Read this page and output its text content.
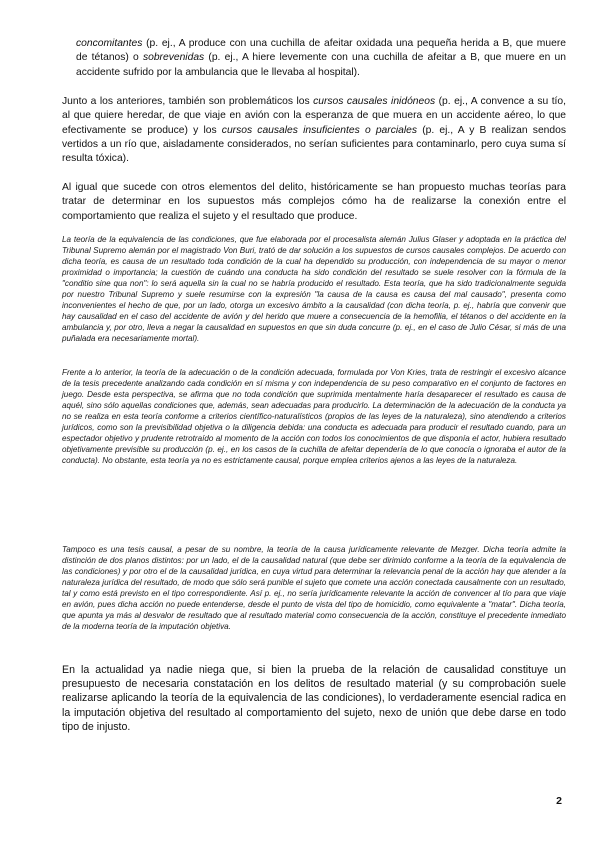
concomitantes (p. ej., A produce con una cuchilla de afeitar oxidada una pequeña herida a B, que muere de tétanos) o sobrevenidas (p. ej., A hiere levemente con una cuchilla de afeitar a B, que muere en un accidente sufrido por la ambulancia que le llevaba al hospital).

Junto a los anteriores, también son problemáticos los cursos causales inidóneos (p. ej., A convence a su tío, al que quiere heredar, de que viaje en avión con la esperanza de que muera en un accidente aéreo, lo que efectivamente se produce) y los cursos causales insuficientes o parciales (p. ej., A y B realizan sendos vertidos a un río que, aisladamente considerados, no serían suficientes para contaminarlo, pero cuya suma sí resulta tóxica).

Al igual que sucede con otros elementos del delito, históricamente se han propuesto muchas teorías para tratar de determinar en los supuestos más complejos cómo ha de realizarse la conexión entre el comportamiento que realiza el sujeto y el resultado que produce.

La teoría de la equivalencia de las condiciones, que fue elaborada por el procesalista alemán Julius Glaser y adoptada en la práctica del Tribunal Supremo alemán por el magistrado Von Buri, trató de dar solución a los supuestos de cursos causales complejos. De acuerdo con dicha teoría, es causa de un resultado toda condición de la cual ha dependido su producción, con independencia de su mayor o menor proximidad o importancia; la cuestión de cuándo una conducta ha sido condición del resultado se suele resolver con la fórmula de la "conditio sine qua non": lo será aquella sin la cual no se habría producido el resultado. Esta teoría, que ha sido tradicionalmente seguida por nuestro Tribunal Supremo y suele resumirse con la expresión "la causa de la causa es causa del mal causado", presenta como inconvenientes el hecho de que, por un lado, otorga un excesivo ámbito a la causalidad (con dicha teoría, p. ej., habría que convenir que hay causalidad en el caso del accidente de avión y del herido que muere a consecuencia de la hemofilia, el tétanos o del accidente en la ambulancia y, por otro, lleva a negar la causalidad en supuestos en que sin duda concurre (p. ej., en el caso de Julio César, si más de una puñalada era necesariamente mortal).

Frente a lo anterior, la teoría de la adecuación o de la condición adecuada, formulada por Von Kries, trata de restringir el excesivo alcance de la tesis precedente analizando cada condición en sí misma y con independencia de su peso comparativo en el conjunto de factores en juego. Desde esta perspectiva, se afirma que no toda condición que suprimida mentalmente haría desaparecer el resultado es causa de aquél, sino sólo aquellas condiciones que, además, sean adecuadas para producirlo. La determinación de la adecuación de la conducta ya no se realiza en esta teoría conforme a criterios científico-naturalísticos (propios de las leyes de la naturaleza), sino atendiendo a criterios jurídicos, como son la previsibilidad objetiva o la diligencia debida: una conducta es adecuada para producir el resultado cuando, para un espectador objetivo y prudente retrotraído al momento de la acción con todos los conocimientos de que disponía el actor, hubiera resultado objetivamente previsible su producción (p. ej., en los casos de la cuchilla de afeitar dependería de lo que conocía o ignoraba el autor de la conducta). No obstante, esta teoría ya no es estrictamente causal, porque emplea criterios ajenos a las leyes de la naturaleza.

Tampoco es una tesis causal, a pesar de su nombre, la teoría de la causa jurídicamente relevante de Mezger. Dicha teoría admite la distinción de dos planos distintos: por un lado, el de la causalidad natural (que debe ser dirimido conforme a la teoría de la equivalencia de las condiciones) y por otro el de la causalidad jurídica, en cuya virtud para determinar la relevancia penal de la acción hay que atender a la naturaleza jurídica del resultado, de modo que sólo será punible el sujeto que comete una acción conectada causalmente con un resultado, tal y como está previsto en el tipo correspondiente. Así p. ej., no sería jurídicamente relevante la acción de convencer al tío para que viaje en avión, pues dicha acción no puede entenderse, desde el punto de vista del tipo de homicidio, como equivalente a "matar". Dicha teoría, que apunta ya más al desvalor de resultado que al resultado material como consecuencia de la acción, constituye el precedente inmediato de la moderna teoría de la imputación objetiva.

En la actualidad ya nadie niega que, si bien la prueba de la relación de causalidad constituye un presupuesto de necesaria constatación en los delitos de resultado material (y su comprobación suele realizarse aplicando la teoría de la equivalencia de las condiciones), lo verdaderamente esencial radica en la imputación objetiva del resultado al comportamiento del sujeto, nexo de unión que debe darse en todo tipo de injusto.

2
